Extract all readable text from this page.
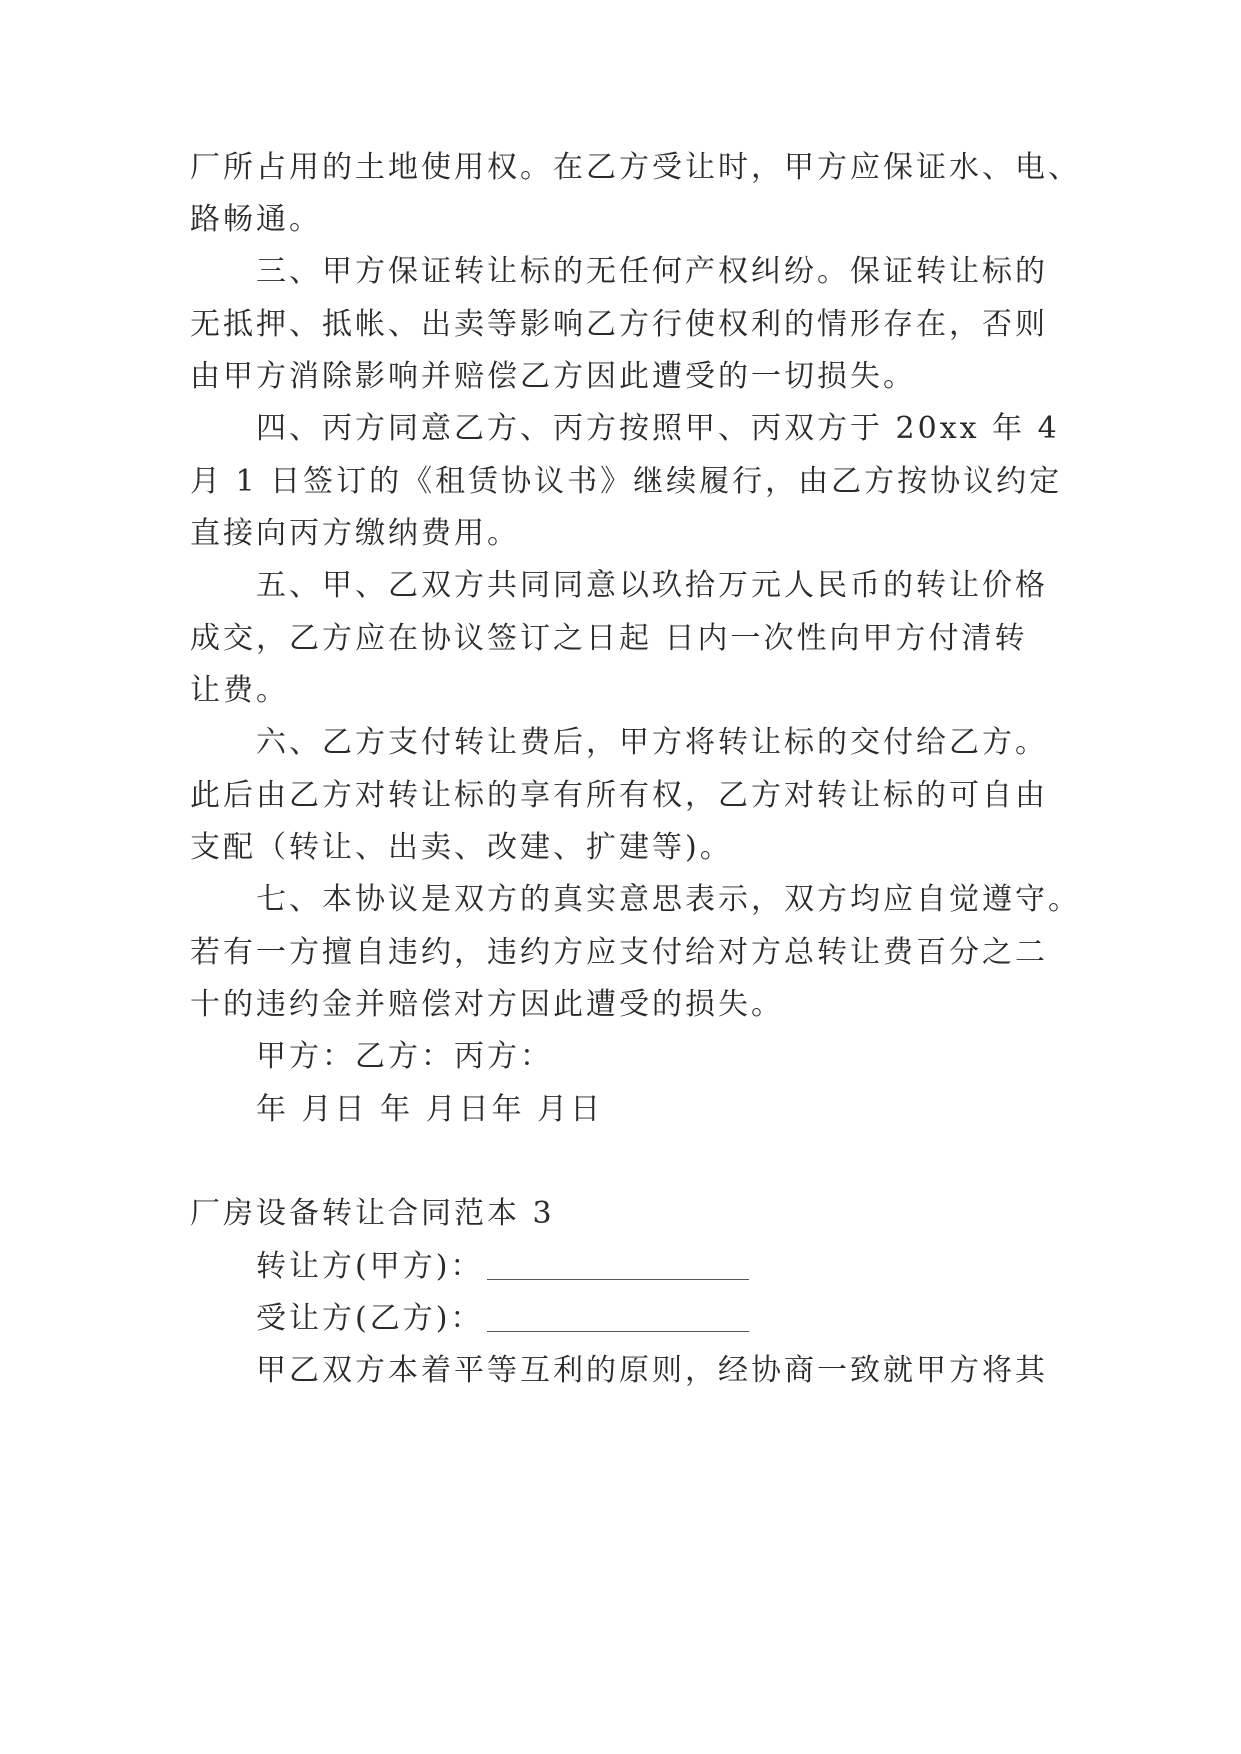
厂所占用的土地使用权。在乙方受让时，甲方应保证水、电、
路畅通。
三、甲方保证转让标的无任何产权纠纷。保证转让标的
无抵押、抵帐、出卖等影响乙方行使权利的情形存在，否则
由甲方消除影响并赔偿乙方因此遭受的一切损失。
四、丙方同意乙方、丙方按照甲、丙双方于 20xx 年 4
月 1 日签订的《租赁协议书》继续履行，由乙方按协议约定
直接向丙方缴纳费用。
五、甲、乙双方共同同意以玖拾万元人民币的转让价格
成交，乙方应在协议签订之日起 日内一次性向甲方付清转
让费。
六、乙方支付转让费后，甲方将转让标的交付给乙方。
此后由乙方对转让标的享有所有权，乙方对转让标的可自由
支配（转让、出卖、改建、扩建等)。
七、本协议是双方的真实意思表示，双方均应自觉遵守。
若有一方擅自违约，违约方应支付给对方总转让费百分之二
十的违约金并赔偿对方因此遭受的损失。
甲方：乙方：丙方：
年 月日 年 月日年 月日
厂房设备转让合同范本 3
转让方(甲方)：
受让方(乙方)：
甲乙双方本着平等互利的原则，经协商一致就甲方将其
